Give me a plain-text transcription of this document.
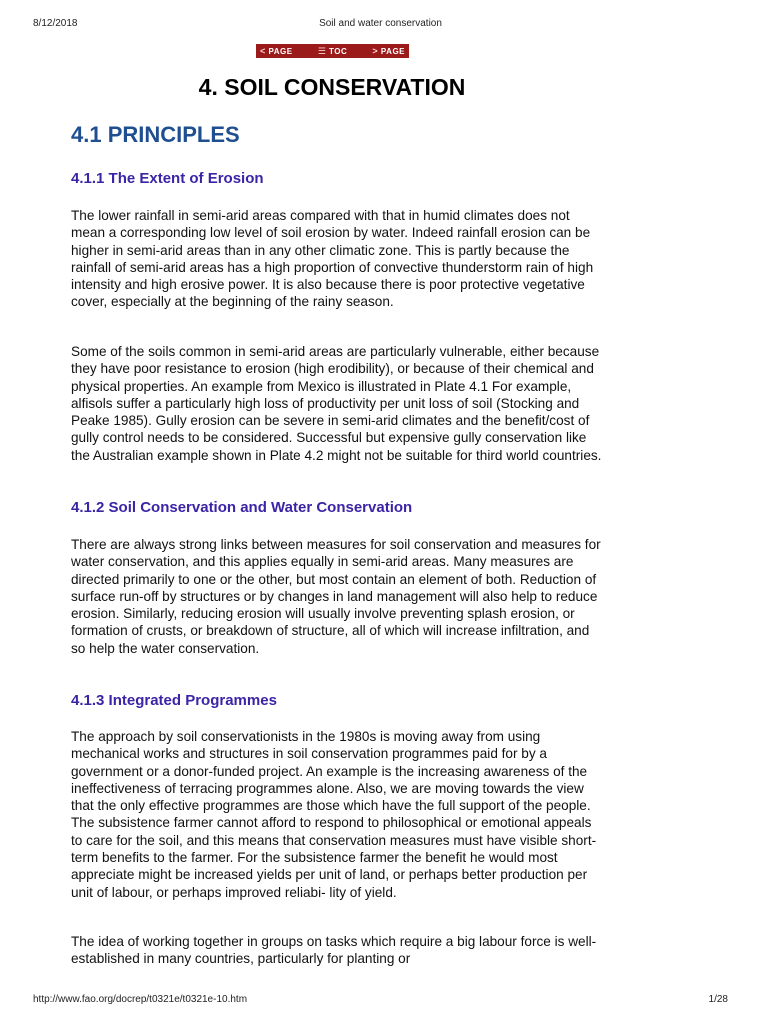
8/12/2018	Soil and water conservation
< PAGE	☰ TOC	> PAGE
4. SOIL CONSERVATION
4.1 PRINCIPLES
4.1.1 The Extent of Erosion

The lower rainfall in semi-arid areas compared with that in humid climates does not mean a corresponding low level of soil erosion by water. Indeed rainfall erosion can be higher in semi-arid areas than in any other climatic zone. This is partly because the rainfall of semi-arid areas has a high proportion of convective thunderstorm rain of high intensity and high erosive power. It is also because there is poor protective vegetative cover, especially at the beginning of the rainy season.

Some of the soils common in semi-arid areas are particularly vulnerable, either because they have poor resistance to erosion (high erodibility), or because of their chemical and physical properties. An example from Mexico is illustrated in Plate 4.1 For example, alfisols suffer a particularly high loss of productivity per unit loss of soil (Stocking and Peake 1985). Gully erosion can be severe in semi-arid climates and the benefit/cost of gully control needs to be considered. Successful but expensive gully conservation like the Australian example shown in Plate 4.2 might not be suitable for third world countries.

4.1.2 Soil Conservation and Water Conservation

There are always strong links between measures for soil conservation and measures for water conservation, and this applies equally in semi-arid areas. Many measures are directed primarily to one or the other, but most contain an element of both. Reduction of surface run-off by structures or by changes in land management will also help to reduce erosion. Similarly, reducing erosion will usually involve preventing splash erosion, or formation of crusts, or breakdown of structure, all of which will increase infiltration, and so help the water conservation.

4.1.3 Integrated Programmes

The approach by soil conservationists in the 1980s is moving away from using mechanical works and structures in soil conservation programmes paid for by a government or a donor-funded project. An example is the increasing awareness of the ineffectiveness of terracing programmes alone. Also, we are moving towards the view that the only effective programmes are those which have the full support of the people. The subsistence farmer cannot afford to respond to philosophical or emotional appeals to care for the soil, and this means that conservation measures must have visible short-term benefits to the farmer. For the subsistence farmer the benefit he would most appreciate might be increased yields per unit of land, or perhaps better production per unit of labour, or perhaps improved reliabi- lity of yield.

The idea of working together in groups on tasks which require a big labour force is well-established in many countries, particularly for planting or

http://www.fao.org/docrep/t0321e/t0321e-10.htm	1/28
